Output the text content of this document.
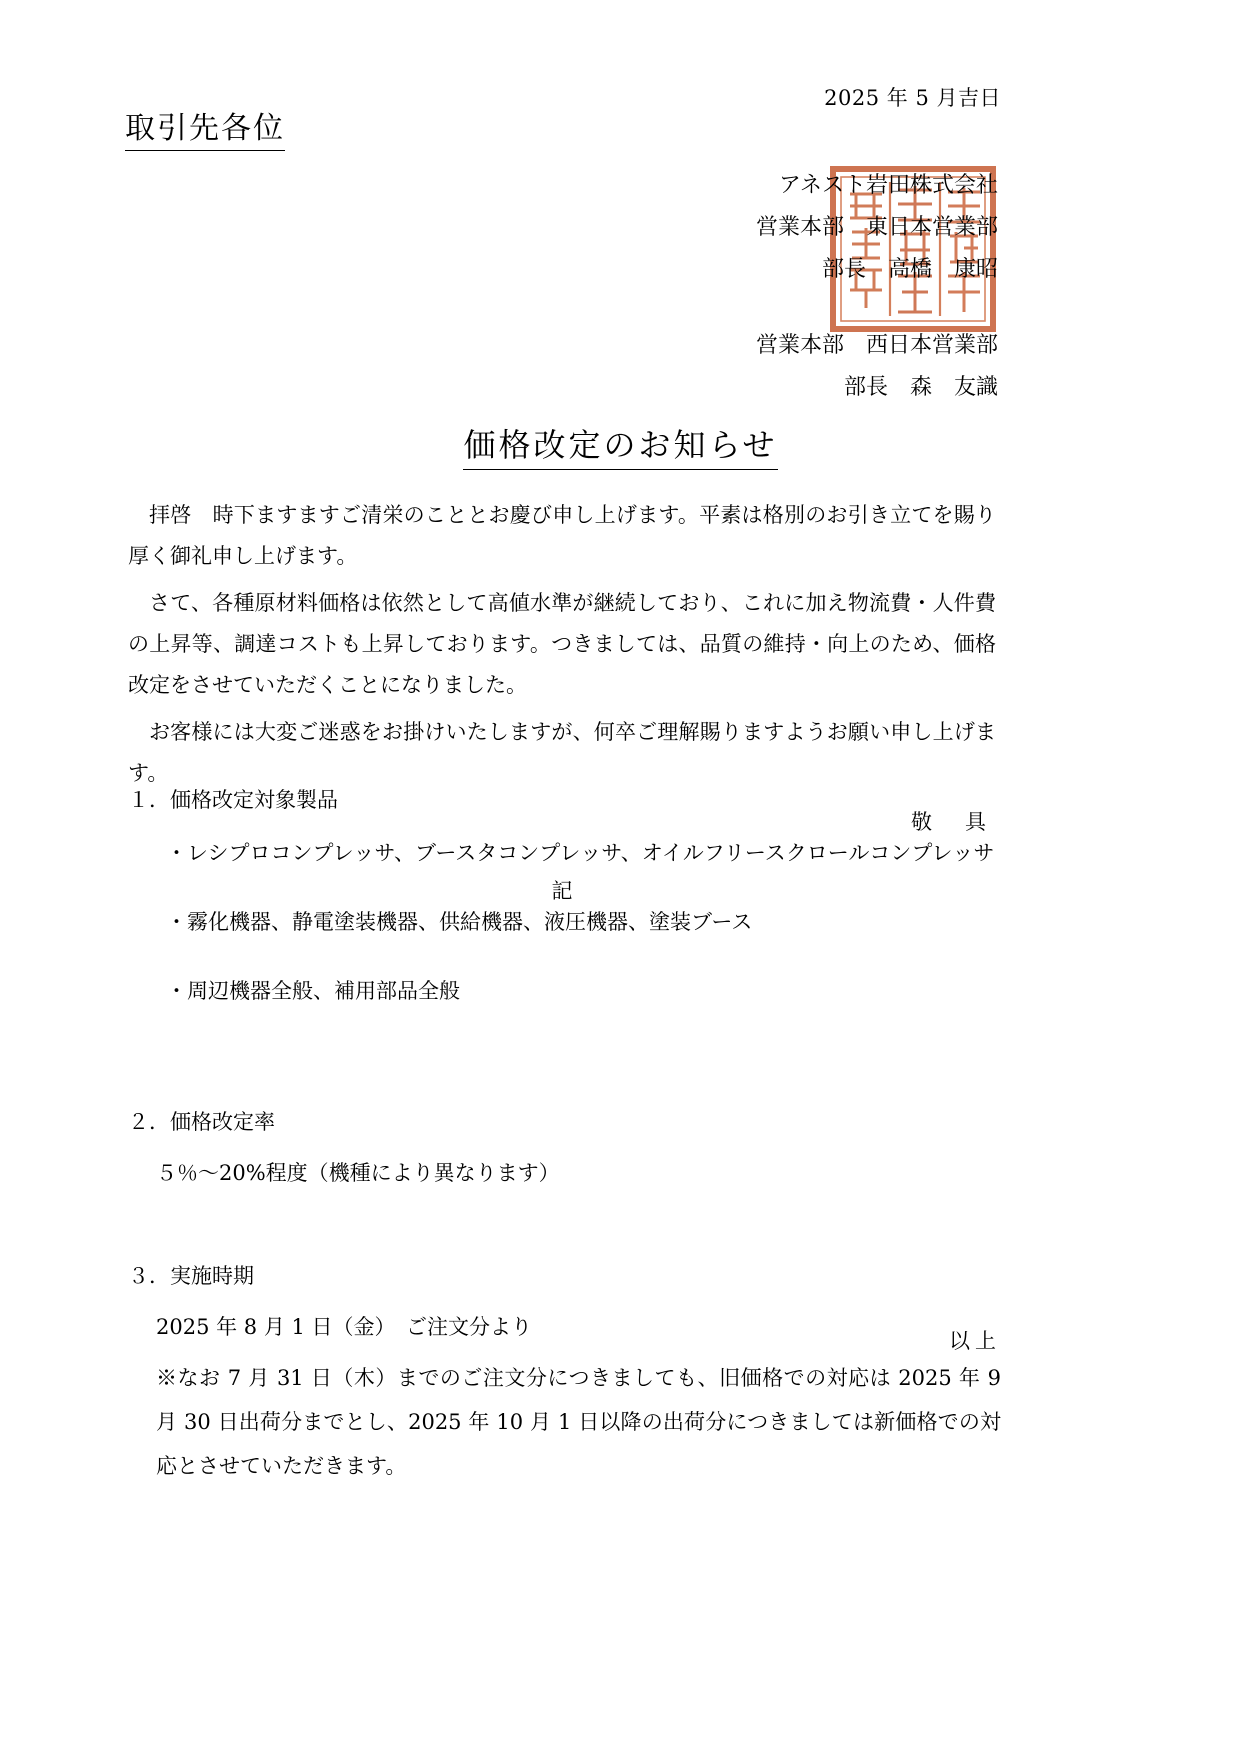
2025 年 5 月吉日
取引先各位
アネスト岩田株式会社
営業本部　東日本営業部
部長　高橋　康昭
営業本部　西日本営業部
部長　森　友識
価格改定のお知らせ

拝啓　時下ますますご清栄のこととお慶び申し上げます。平素は格別のお引き立てを賜り厚く御礼申し上げます。

さて、各種原材料価格は依然として高値水準が継続しており、これに加え物流費・人件費の上昇等、調達コストも上昇しております。つきましては、品質の維持・向上のため、価格改定をさせていただくことになりました。

お客様には大変ご迷惑をお掛けいたしますが、何卒ご理解賜りますようお願い申し上げます。

敬　具

記

１．価格改定対象製品

・レシプロコンプレッサ、ブースタコンプレッサ、オイルフリースクロールコンプレッサ
・霧化機器、静電塗装機器、供給機器、液圧機器、塗装ブース
・周辺機器全般、補用部品全般

２．価格改定率

５％～20%程度（機種により異なります）

３．実施時期

2025 年 8 月 1 日（金）　ご注文分より

※なお 7 月 31 日（木）までのご注文分につきましても、旧価格での対応は 2025 年 9 月 30 日出荷分までとし、2025 年 10 月 1 日以降の出荷分につきましては新価格での対応とさせていただきます。

以上
